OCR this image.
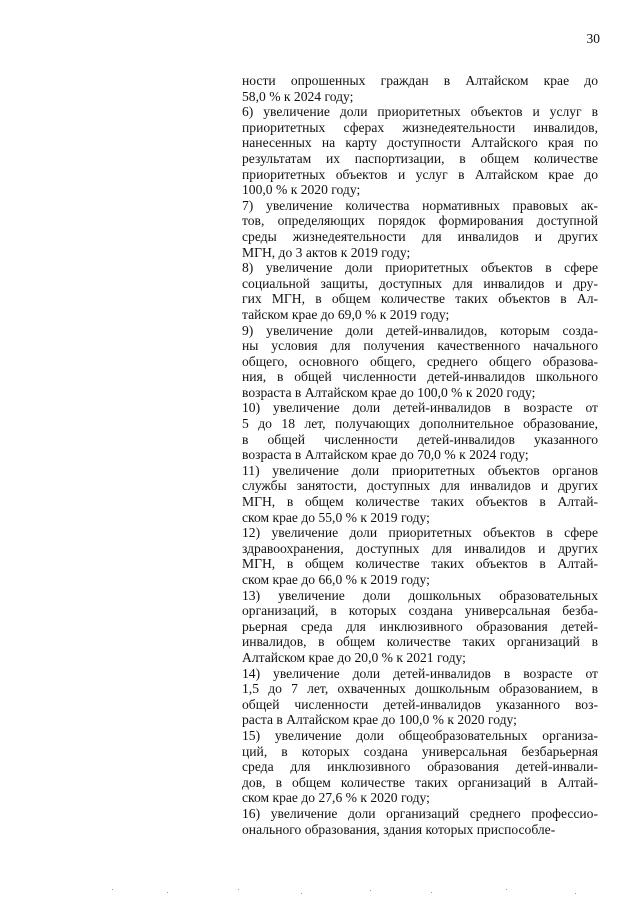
30
ности опрошенных граждан в Алтайском крае до
58,0 % к 2024 году;
6) увеличение доли приоритетных объектов и услуг в
приоритетных сферах жизнедеятельности инвалидов,
нанесенных на карту доступности Алтайского края по
результатам их паспортизации, в общем количестве
приоритетных объектов и услуг в Алтайском крае до
100,0 % к 2020 году;
7) увеличение количества нормативных правовых ак-
тов, определяющих порядок формирования доступной
среды жизнедеятельности для инвалидов и других
МГН, до 3 актов к 2019 году;
8) увеличение доли приоритетных объектов в сфере
социальной защиты, доступных для инвалидов и дру-
гих МГН, в общем количестве таких объектов в Ал-
тайском крае до 69,0 % к 2019 году;
9) увеличение доли детей-инвалидов, которым созда-
ны условия для получения качественного начального
общего, основного общего, среднего общего образова-
ния, в общей численности детей-инвалидов школьного
возраста в Алтайском крае до 100,0 % к 2020 году;
10) увеличение доли детей-инвалидов в возрасте от
5 до 18 лет, получающих дополнительное образование,
в общей численности детей-инвалидов указанного
возраста в Алтайском крае до 70,0 % к 2024 году;
11) увеличение доли приоритетных объектов органов
службы занятости, доступных для инвалидов и других
МГН, в общем количестве таких объектов в Алтай-
ском крае до 55,0 % к 2019 году;
12) увеличение доли приоритетных объектов в сфере
здравоохранения, доступных для инвалидов и других
МГН, в общем количестве таких объектов в Алтай-
ском крае до 66,0 % к 2019 году;
13) увеличение доли дошкольных образовательных
организаций, в которых создана универсальная безба-
рьерная среда для инклюзивного образования детей-
инвалидов, в общем количестве таких организаций в
Алтайском крае до 20,0 % к 2021 году;
14) увеличение доли детей-инвалидов в возрасте от
1,5 до 7 лет, охваченных дошкольным образованием, в
общей численности детей-инвалидов указанного воз-
раста в Алтайском крае до 100,0 % к 2020 году;
15) увеличение доли общеобразовательных организа-
ций, в которых создана универсальная безбарьерная
среда для инклюзивного образования детей-инвали-
дов, в общем количестве таких организаций в Алтай-
ском крае до 27,6 % к 2020 году;
16) увеличение доли организаций среднего профессио-
онального образования, здания которых приспособле-
